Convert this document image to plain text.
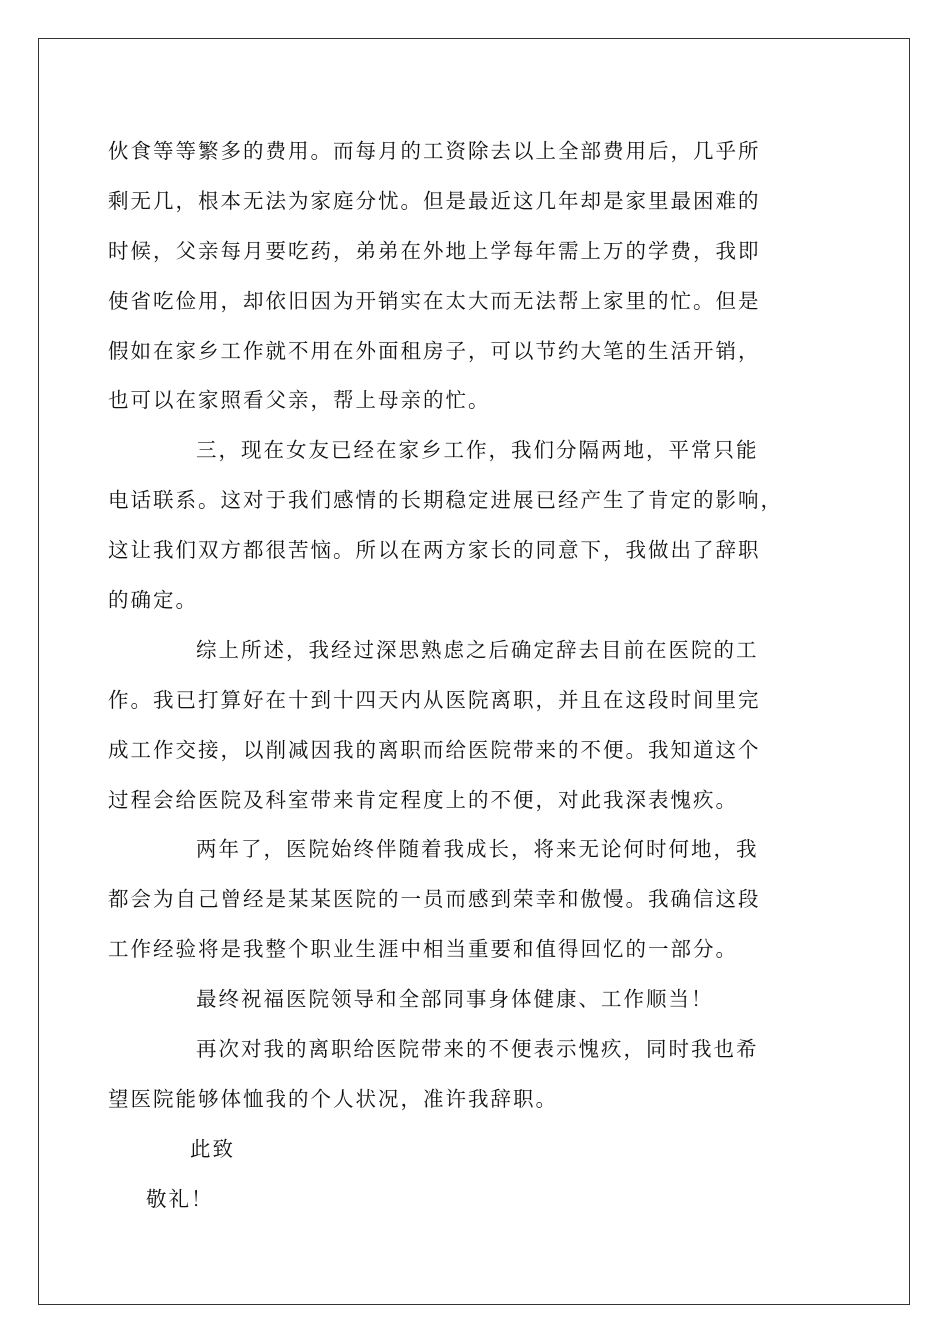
伙食等等繁多的费用。而每月的工资除去以上全部费用后，几乎所
剩无几，根本无法为家庭分忧。但是最近这几年却是家里最困难的
时候，父亲每月要吃药，弟弟在外地上学每年需上万的学费，我即
使省吃俭用，却依旧因为开销实在太大而无法帮上家里的忙。但是
假如在家乡工作就不用在外面租房子，可以节约大笔的生活开销，
也可以在家照看父亲，帮上母亲的忙。
三，现在女友已经在家乡工作，我们分隔两地，平常只能
电话联系。这对于我们感情的长期稳定进展已经产生了肯定的影响，
这让我们双方都很苦恼。所以在两方家长的同意下，我做出了辞职
的确定。
综上所述，我经过深思熟虑之后确定辞去目前在医院的工
作。我已打算好在十到十四天内从医院离职，并且在这段时间里完
成工作交接，以削减因我的离职而给医院带来的不便。我知道这个
过程会给医院及科室带来肯定程度上的不便，对此我深表愧疚。
两年了，医院始终伴随着我成长，将来无论何时何地，我
都会为自己曾经是某某医院的一员而感到荣幸和傲慢。我确信这段
工作经验将是我整个职业生涯中相当重要和值得回忆的一部分。
最终祝福医院领导和全部同事身体健康、工作顺当！
再次对我的离职给医院带来的不便表示愧疚，同时我也希
望医院能够体恤我的个人状况，准许我辞职。
此致
敬礼！
